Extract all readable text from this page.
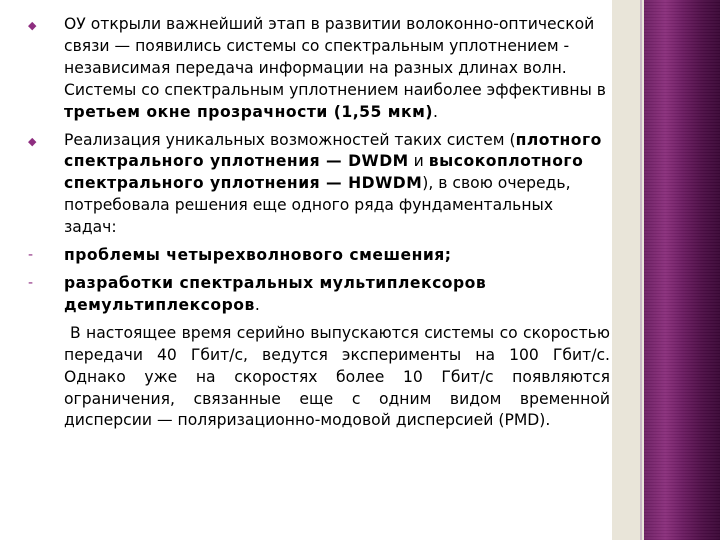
◆	ОУ открыли важнейший этап в развитии волоконно-оптической связи — появились системы со спектральным уплотнением - независимая передача информации на разных длинах волн. Системы со спектральным уплотнением наиболее эффективны в третьем окне прозрачности (1,55 мкм).
◆	Реализация уникальных возможностей таких систем (плотного спектрального уплотнения — DWDM и высокоплотного спектрального уплотнения — HDWDM), в свою очередь, потребовала решения еще одного ряда фундаментальных задач:
-	проблемы четырехволнового смешения;
-	разработки спектральных мультиплексоров демультиплексоров.
В настоящее время серийно выпускаются системы со скоростью передачи 40 Гбит/с, ведутся эксперименты на 100 Гбит/с. Однако уже на скоростях более 10 Гбит/с появляются ограничения, связанные еще с одним видом временной дисперсии — поляризационно-модовой дисперсией (PMD).
